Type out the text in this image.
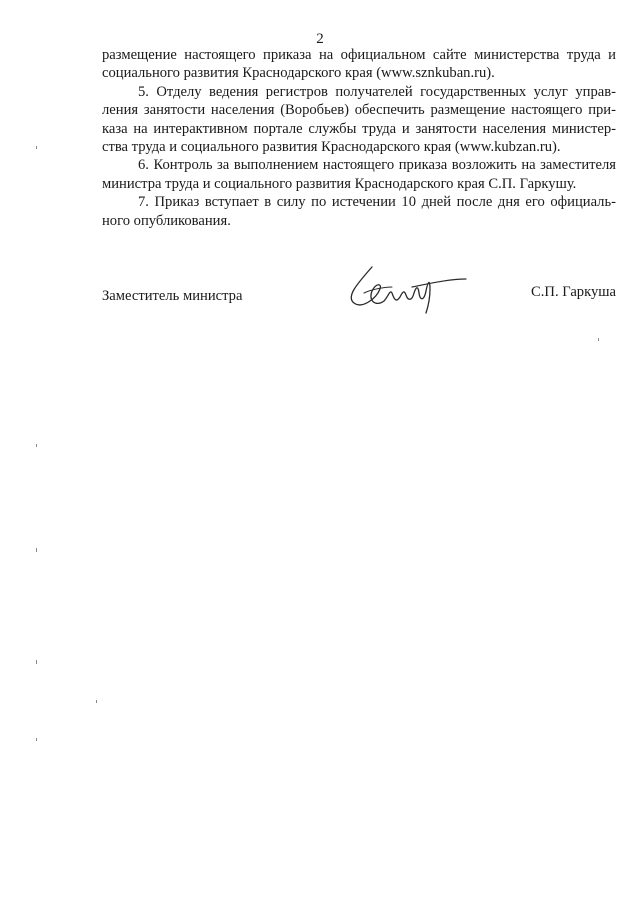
2

размещение настоящего приказа на официальном сайте министерства труда и социального развития Краснодарского края (www.sznkuban.ru).

5. Отделу ведения регистров получателей государственных услуг управления занятости населения (Воробьев) обеспечить размещение настоящего приказа на интерактивном портале службы труда и занятости населения министерства труда и социального развития Краснодарского края (www.kubzan.ru).

6. Контроль за выполнением настоящего приказа возложить на заместителя министра труда и социального развития Краснодарского края С.П. Гаркушу.

7. Приказ вступает в силу по истечении 10 дней после дня его официального опубликования.

Заместитель министра	С.П. Гаркуша
